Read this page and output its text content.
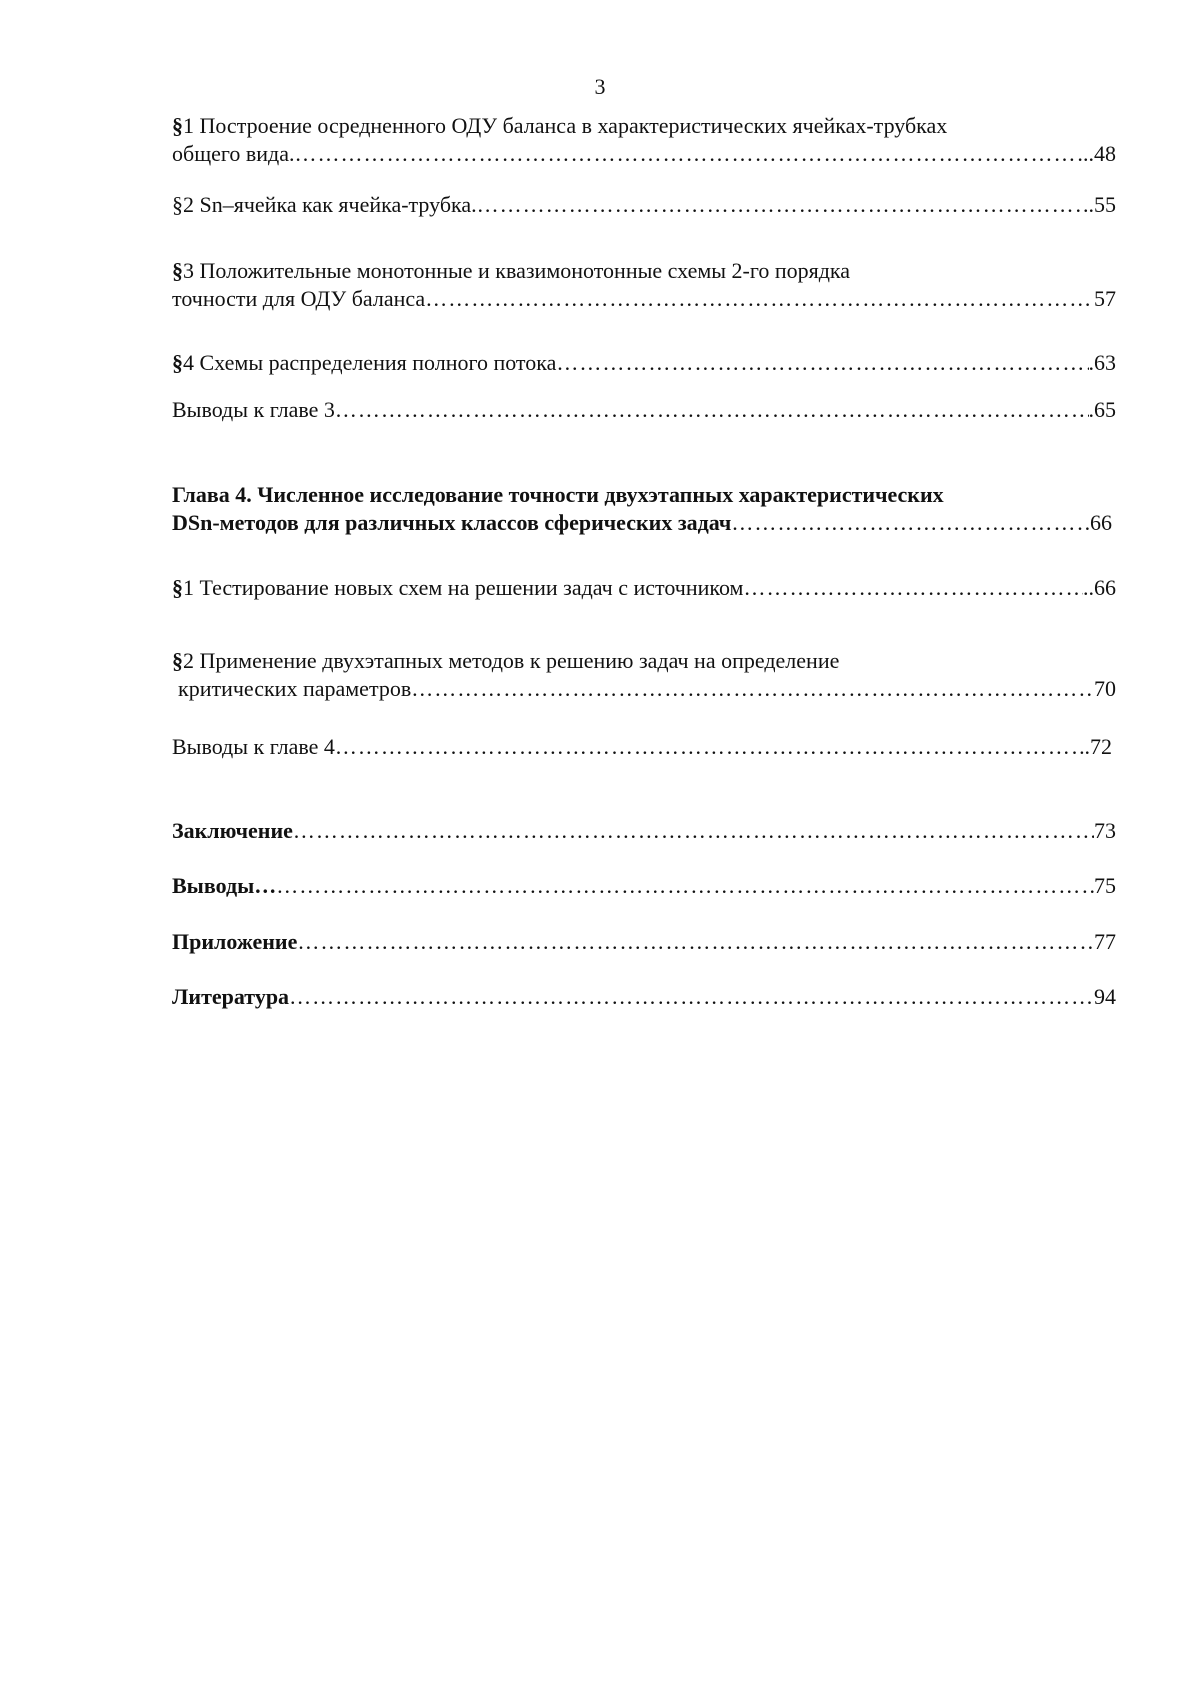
3
§1 Построение осредненного ОДУ баланса в характеристических ячейках-трубках
общего вида. ……………………………………………………………………………………………………………………………………………………	..48
§2 Sn–ячейка как ячейка-трубка. ……………………………………………………………………………………………………………………………………………………	..55
§3 Положительные монотонные и квазимонотонные схемы 2-го порядка
точности для ОДУ баланса ……………………………………………………………………………………………………………………………………………………	57
§4 Схемы распределения полного потока ……………………………………………………………………………………………………………………………………………………	.63
Выводы к главе 3 ……………………………………………………………………………………………………………………………………………………	.65
Глава 4. Численное исследование точности двухэтапных характеристических
DSn-методов для различных классов сферических задач ……………………………………………………………………………………………………………………………………………………	66
§1 Тестирование новых схем на решении задач с источником ……………………………………………………………………………………………………………………………………………………	..66
§2 Применение двухэтапных методов к решению задач на определение
критических параметров ……………………………………………………………………………………………………………………………………………………	70
Выводы к главе 4 ……………………………………………………………………………………………………………………………………………………	.72
Заключение ……………………………………………………………………………………………………………………………………………………	73
Выводы… ……………………………………………………………………………………………………………………………………………………	75
Приложение ……………………………………………………………………………………………………………………………………………………	77
Литература ……………………………………………………………………………………………………………………………………………………	94
